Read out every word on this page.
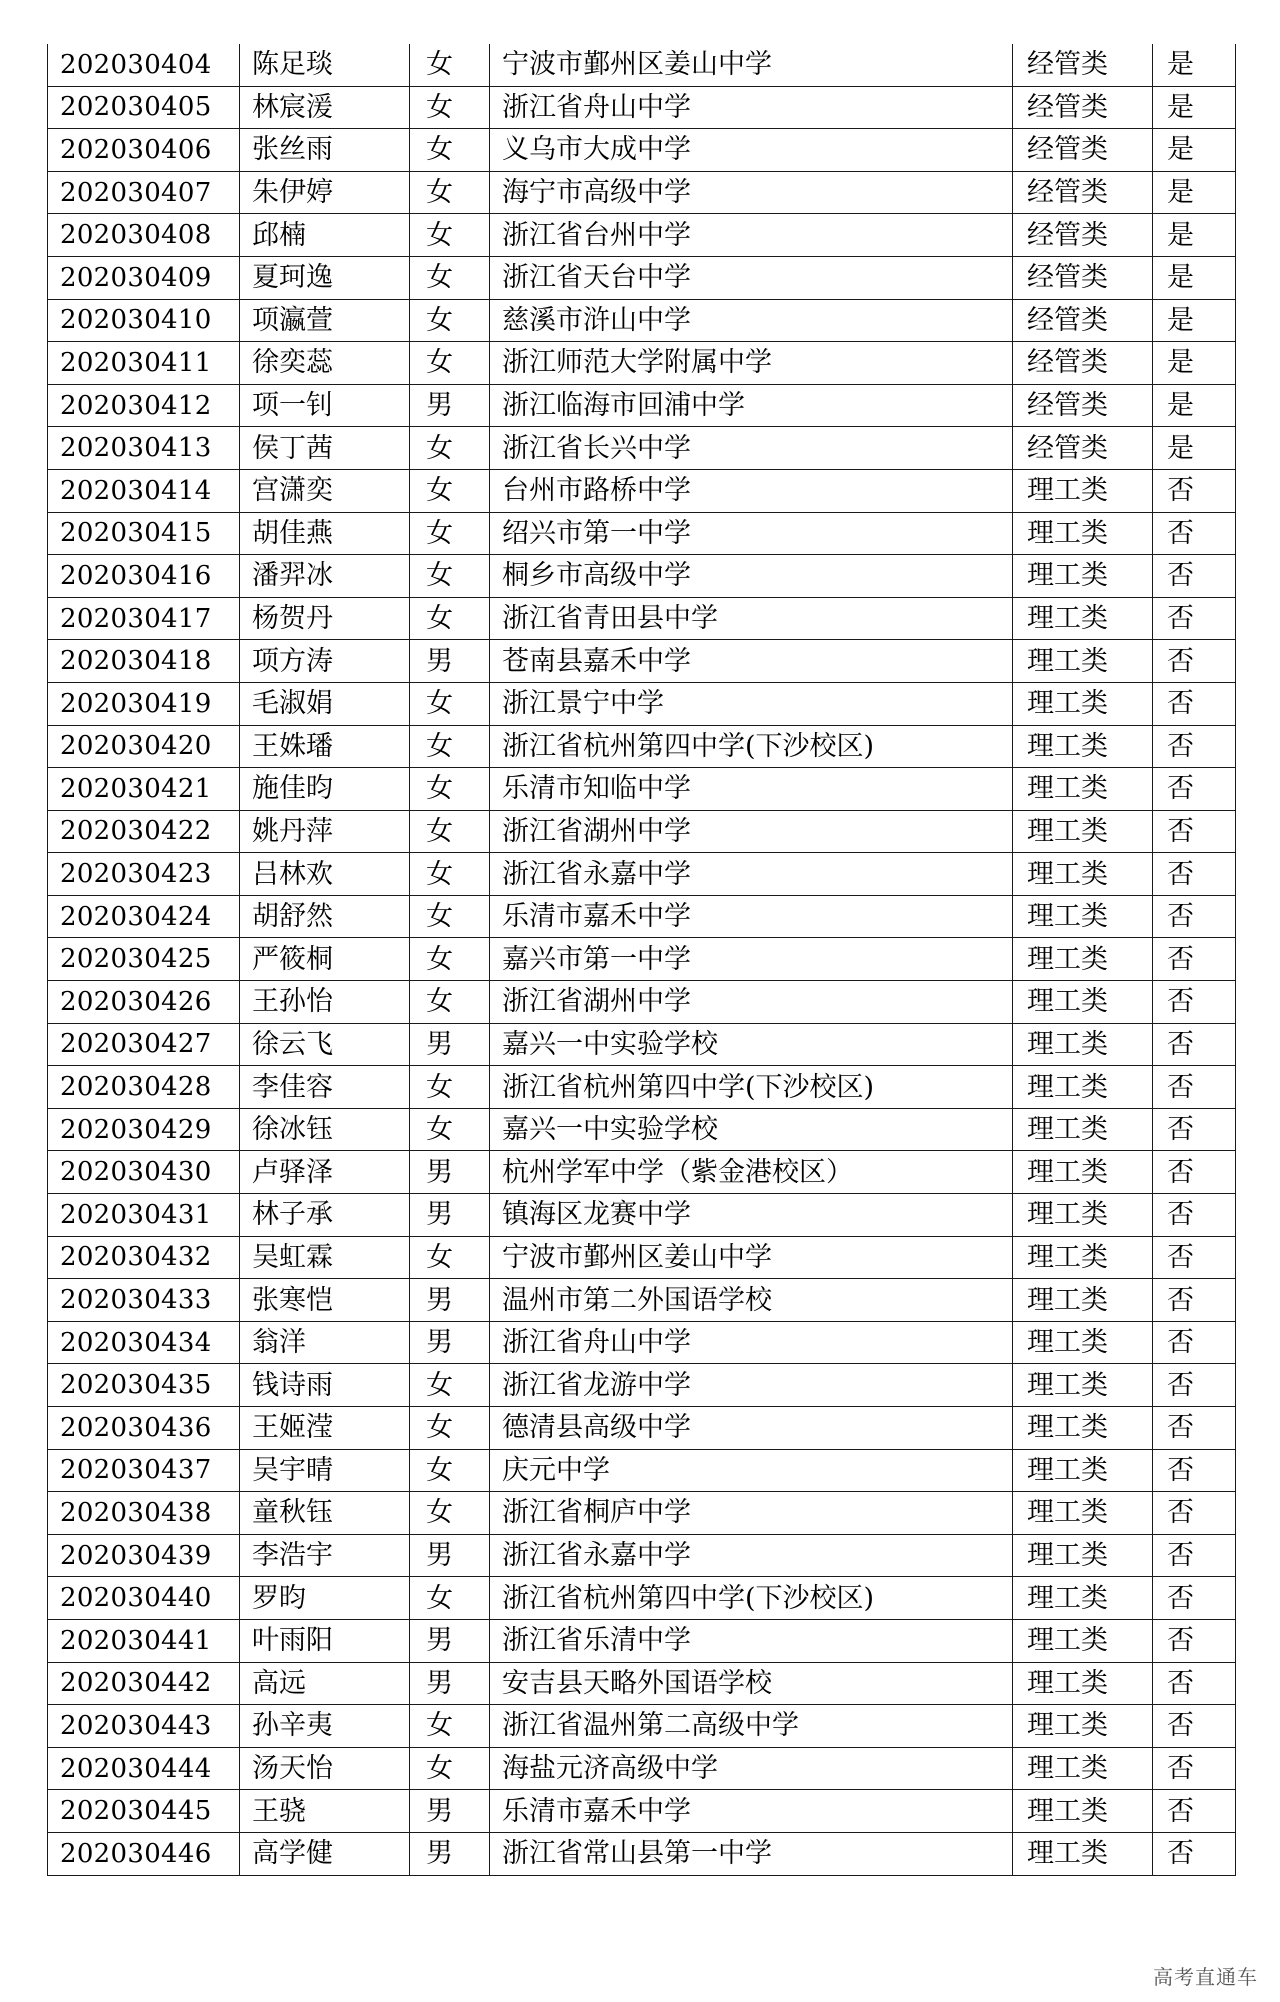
202030404	陈足琰	女	宁波市鄞州区姜山中学	经管类	是
202030405	林宸湲	女	浙江省舟山中学	经管类	是
202030406	张丝雨	女	义乌市大成中学	经管类	是
202030407	朱伊婷	女	海宁市高级中学	经管类	是
202030408	邱楠	女	浙江省台州中学	经管类	是
202030409	夏珂逸	女	浙江省天台中学	经管类	是
202030410	项瀛萱	女	慈溪市浒山中学	经管类	是
202030411	徐奕蕊	女	浙江师范大学附属中学	经管类	是
202030412	项一钊	男	浙江临海市回浦中学	经管类	是
202030413	侯丁茜	女	浙江省长兴中学	经管类	是
202030414	宫潇奕	女	台州市路桥中学	理工类	否
202030415	胡佳燕	女	绍兴市第一中学	理工类	否
202030416	潘羿冰	女	桐乡市高级中学	理工类	否
202030417	杨贺丹	女	浙江省青田县中学	理工类	否
202030418	项方涛	男	苍南县嘉禾中学	理工类	否
202030419	毛淑娟	女	浙江景宁中学	理工类	否
202030420	王姝璠	女	浙江省杭州第四中学(下沙校区)	理工类	否
202030421	施佳昀	女	乐清市知临中学	理工类	否
202030422	姚丹萍	女	浙江省湖州中学	理工类	否
202030423	吕林欢	女	浙江省永嘉中学	理工类	否
202030424	胡舒然	女	乐清市嘉禾中学	理工类	否
202030425	严筱桐	女	嘉兴市第一中学	理工类	否
202030426	王孙怡	女	浙江省湖州中学	理工类	否
202030427	徐云飞	男	嘉兴一中实验学校	理工类	否
202030428	李佳容	女	浙江省杭州第四中学(下沙校区)	理工类	否
202030429	徐冰钰	女	嘉兴一中实验学校	理工类	否
202030430	卢驿泽	男	杭州学军中学（紫金港校区）	理工类	否
202030431	林子承	男	镇海区龙赛中学	理工类	否
202030432	吴虹霖	女	宁波市鄞州区姜山中学	理工类	否
202030433	张寒恺	男	温州市第二外国语学校	理工类	否
202030434	翁洋	男	浙江省舟山中学	理工类	否
202030435	钱诗雨	女	浙江省龙游中学	理工类	否
202030436	王姬滢	女	德清县高级中学	理工类	否
202030437	吴宇晴	女	庆元中学	理工类	否
202030438	童秋钰	女	浙江省桐庐中学	理工类	否
202030439	李浩宇	男	浙江省永嘉中学	理工类	否
202030440	罗昀	女	浙江省杭州第四中学(下沙校区)	理工类	否
202030441	叶雨阳	男	浙江省乐清中学	理工类	否
202030442	高远	男	安吉县天略外国语学校	理工类	否
202030443	孙辛夷	女	浙江省温州第二高级中学	理工类	否
202030444	汤天怡	女	海盐元济高级中学	理工类	否
202030445	王骁	男	乐清市嘉禾中学	理工类	否
202030446	高学健	男	浙江省常山县第一中学	理工类	否
高考直通车
